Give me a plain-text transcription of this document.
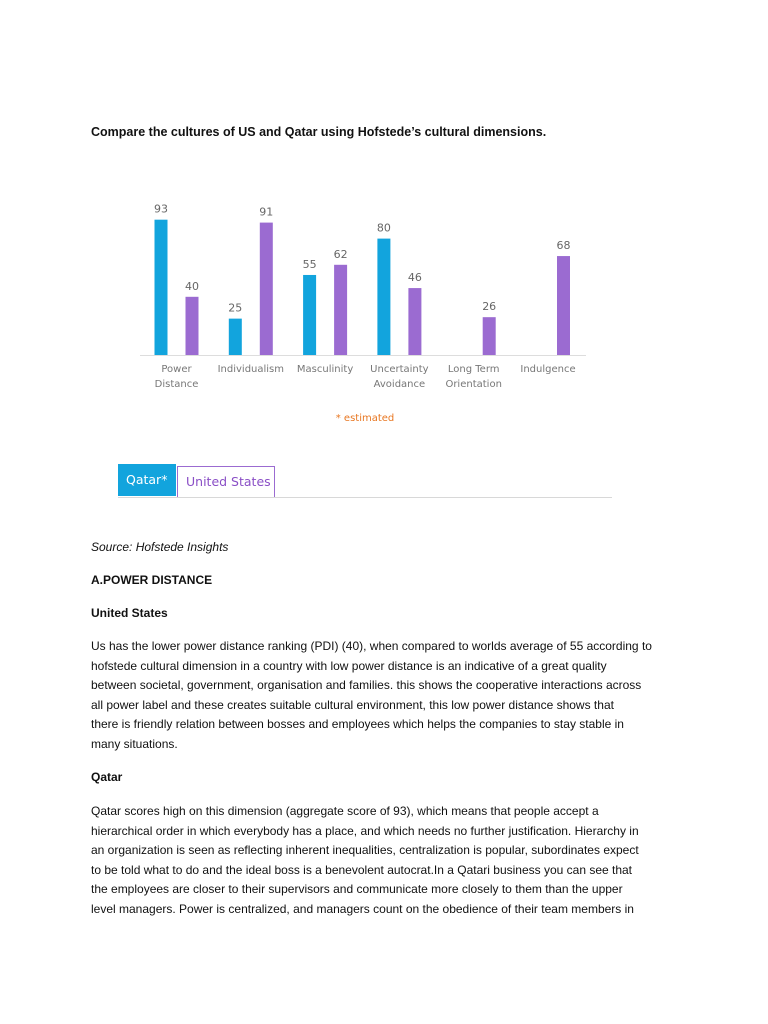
Compare the cultures of US and Qatar using Hofstede’s cultural dimensions.
93
40
Power
Distance
25
91
Individualism
55
62
Masculinity
80
46
Uncertainty
Avoidance
26
Long Term
Orientation
68
Indulgence
* estimated
Qatar*	United States
Source: Hofstede Insights
A.POWER DISTANCE
United States
Us has the lower power distance ranking (PDI) (40), when compared to worlds average of 55 according to
hofstede cultural dimension in a country with low power distance is an indicative of a great quality
between societal, government, organisation and families. this shows the cooperative interactions across
all power label and these creates suitable cultural environment, this low power distance shows that
there is friendly relation between bosses and employees which helps the companies to stay stable in
many situations.
Qatar
Qatar scores high on this dimension (aggregate score of 93), which means that people accept a
hierarchical order in which everybody has a place, and which needs no further justification. Hierarchy in
an organization is seen as reflecting inherent inequalities, centralization is popular, subordinates expect
to be told what to do and the ideal boss is a benevolent autocrat.In a Qatari business you can see that
the employees are closer to their supervisors and communicate more closely to them than the upper
level managers. Power is centralized, and managers count on the obedience of their team members in
